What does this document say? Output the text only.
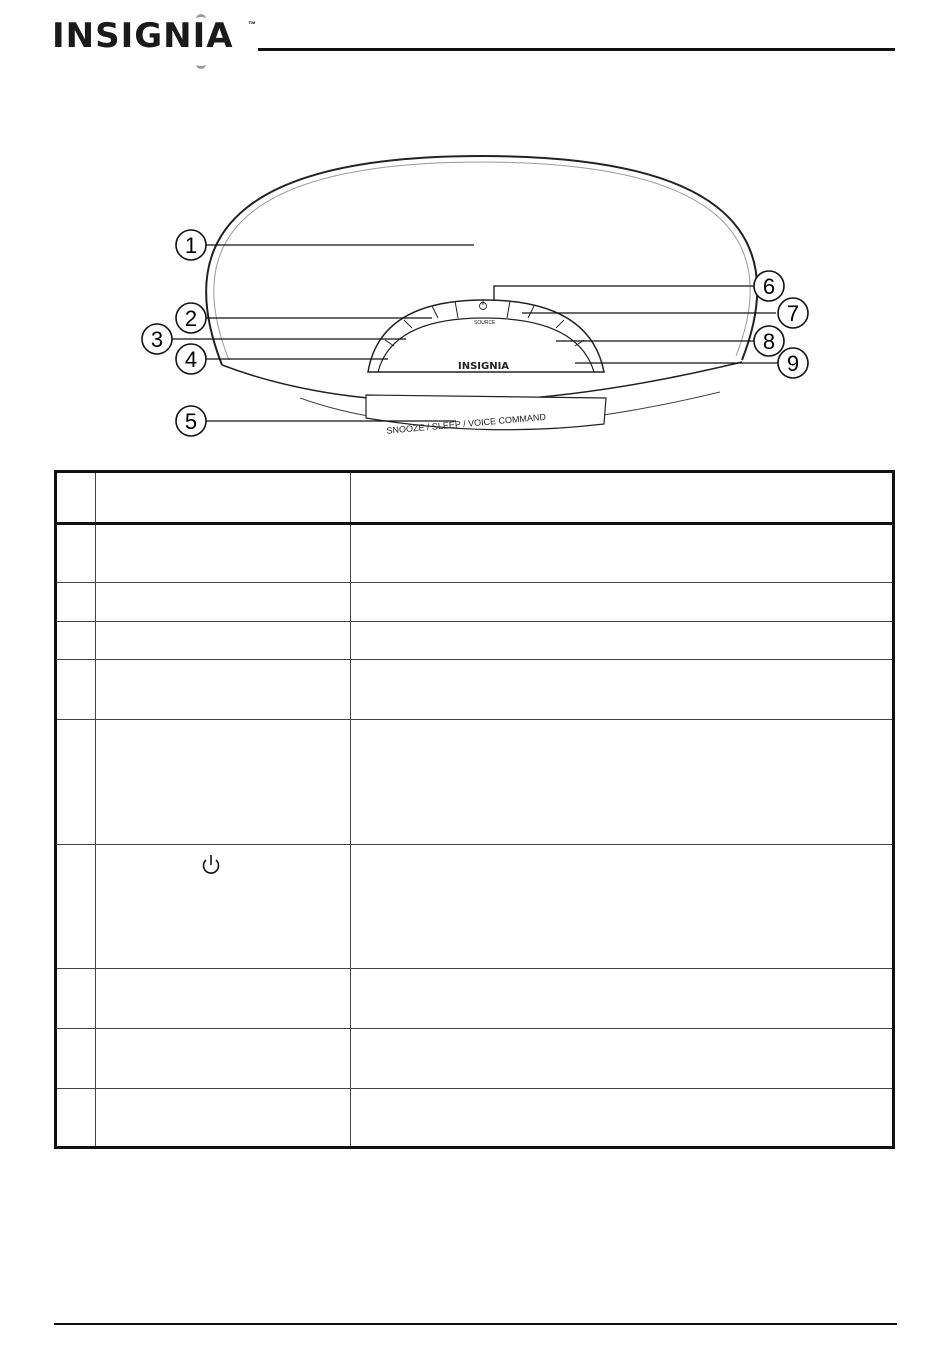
INSIGNIA ™
SNOOZE / SLEEP / VOICE COMMAND
SOURCE
INSIGNIA
1
2
3
4
5
6
7
8
9
